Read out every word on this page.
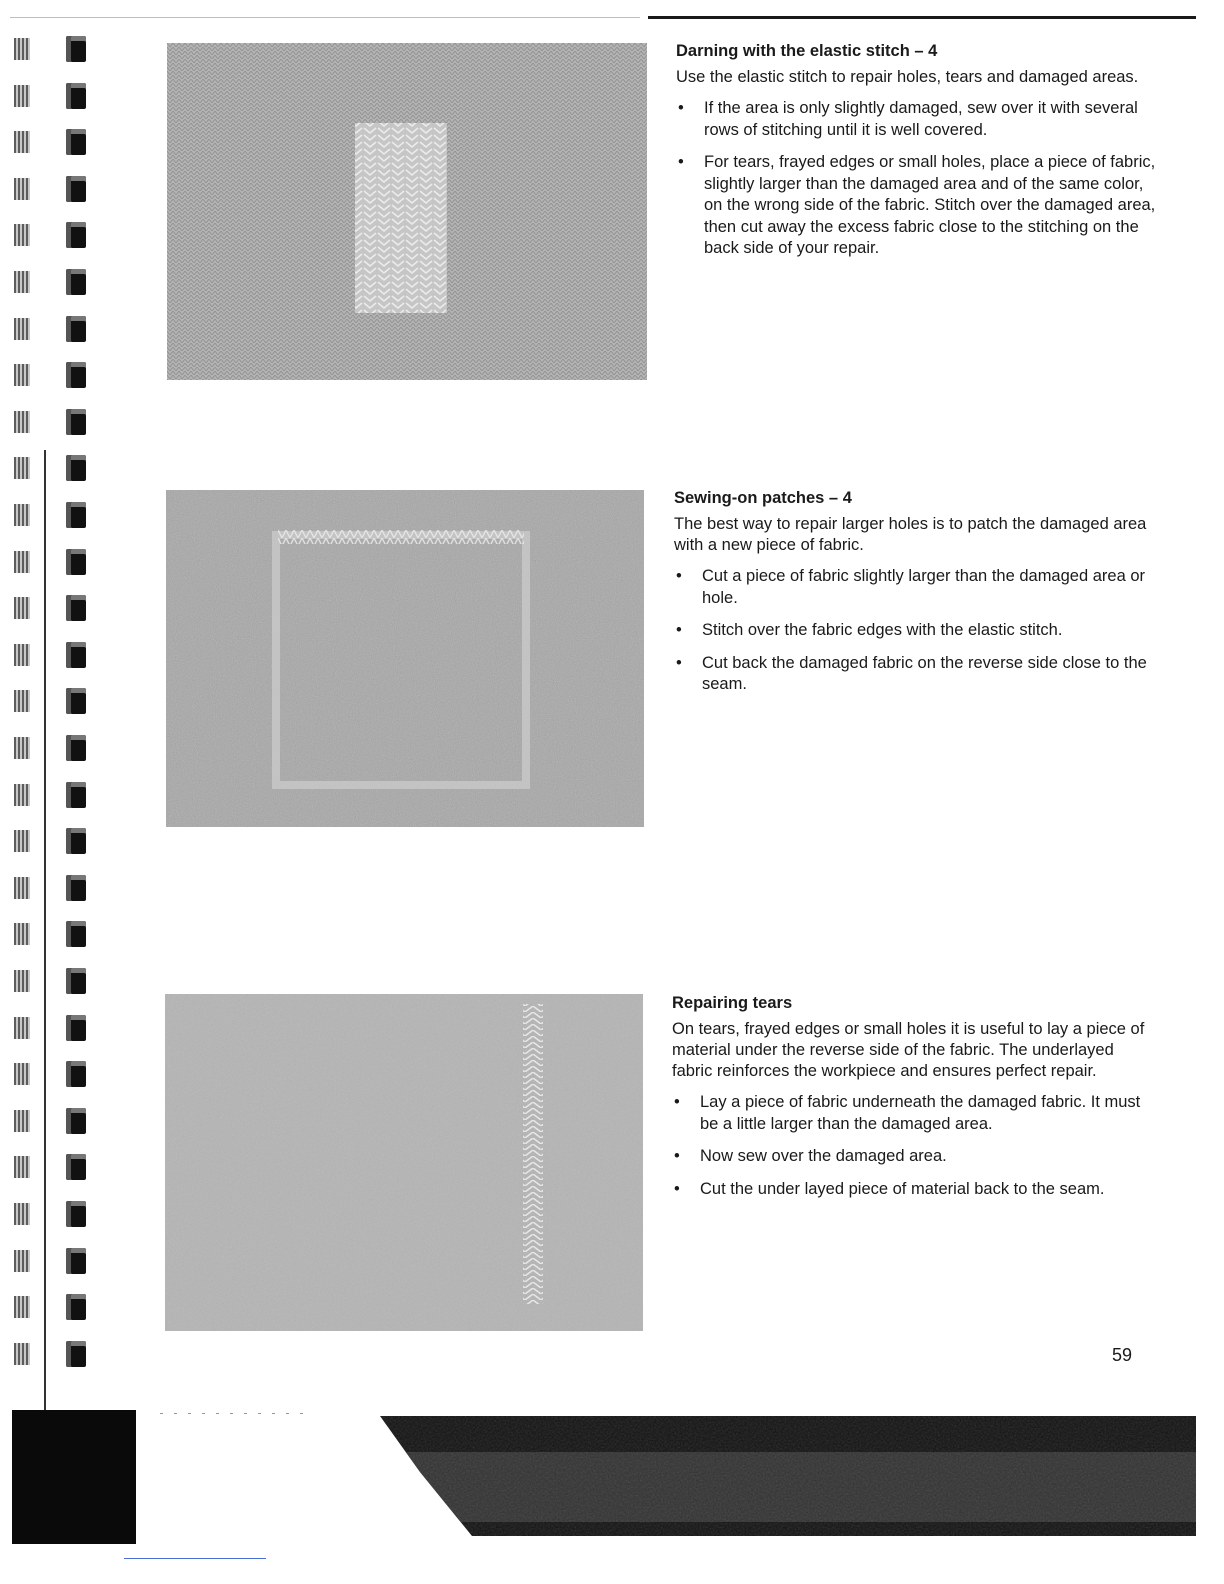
Darning with the elastic stitch – 4

Use the elastic stitch to repair holes, tears and damaged areas.

• If the area is only slightly damaged, sew over it with several rows of stitching until it is well covered.
• For tears, frayed edges or small holes, place a piece of fabric, slightly larger than the damaged area and of the same color, on the wrong side of the fabric. Stitch over the damaged area, then cut away the excess fabric close to the stitching on the back side of your repair.
Sewing-on patches – 4

The best way to repair larger holes is to patch the damaged area with a new piece of fabric.

• Cut a piece of fabric slightly larger than the damaged area or hole.
• Stitch over the fabric edges with the elastic stitch.
• Cut back the damaged fabric on the reverse side close to the seam.
Repairing tears

On tears, frayed edges or small holes it is useful to lay a piece of material under the reverse side of the fabric. The underlayed fabric reinforces the workpiece and ensures perfect repair.

• Lay a piece of fabric underneath the damaged fabric. It must be a little larger than the damaged area.
• Now sew over the damaged area.
• Cut the under layed piece of material back to the seam.
59
